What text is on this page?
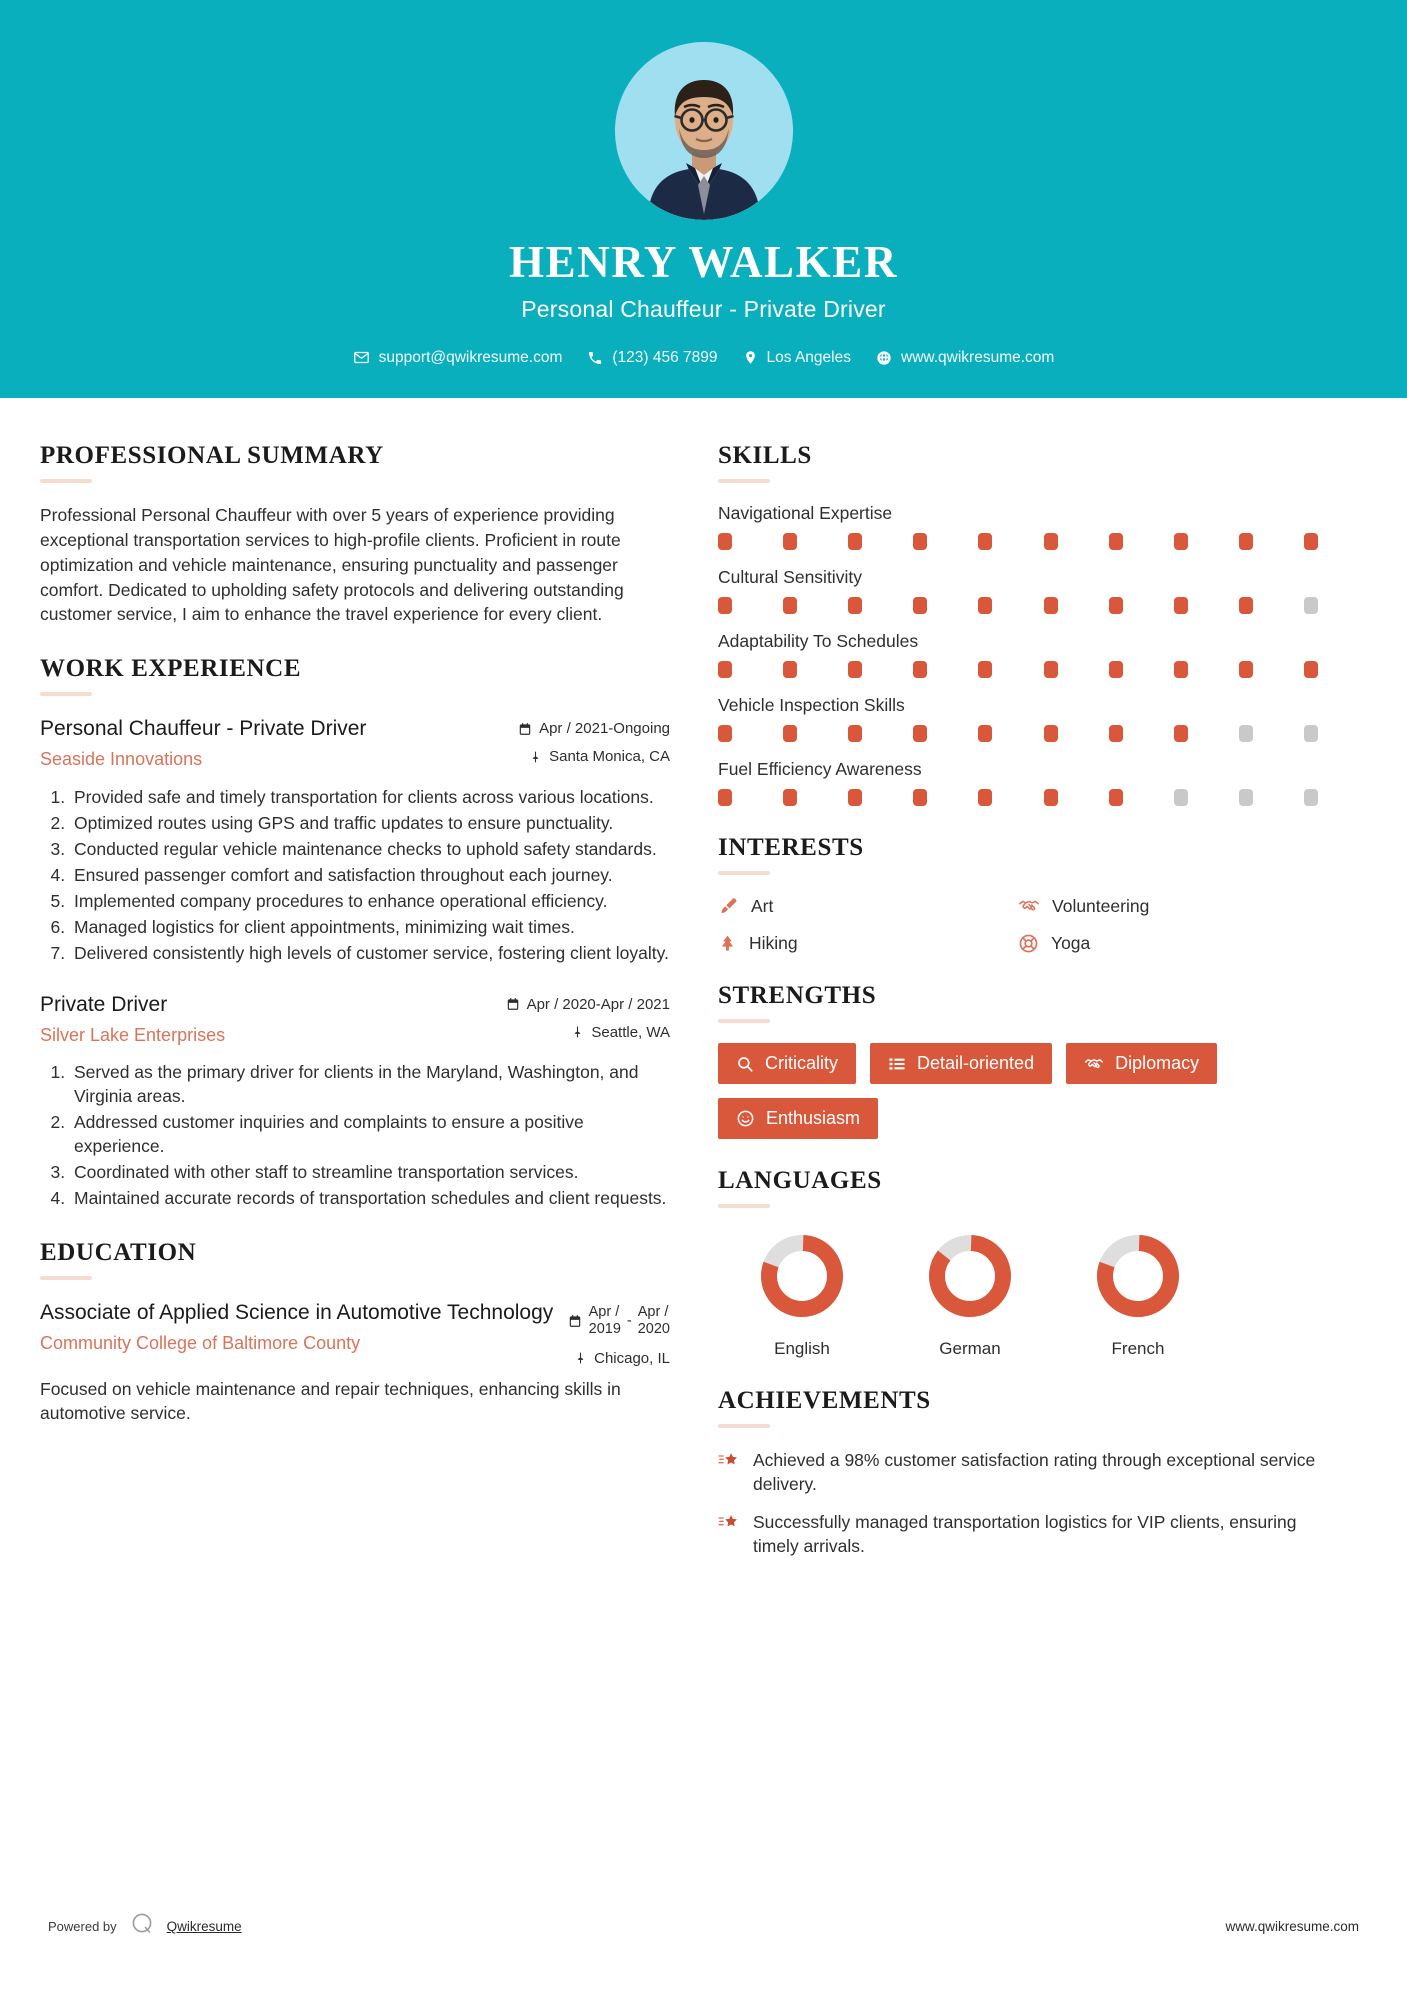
HENRY WALKER
Personal Chauffeur - Private Driver
support@qwikresume.com	(123) 456 7899	Los Angeles	www.qwikresume.com
PROFESSIONAL SUMMARY
Professional Personal Chauffeur with over 5 years of experience providing exceptional transportation services to high-profile clients. Proficient in route optimization and vehicle maintenance, ensuring punctuality and passenger comfort. Dedicated to upholding safety protocols and delivering outstanding customer service, I aim to enhance the travel experience for every client.
WORK EXPERIENCE
Personal Chauffeur - Private Driver
Seaside Innovations
Apr / 2021-Ongoing
Santa Monica, CA
1. Provided safe and timely transportation for clients across various locations.
2. Optimized routes using GPS and traffic updates to ensure punctuality.
3. Conducted regular vehicle maintenance checks to uphold safety standards.
4. Ensured passenger comfort and satisfaction throughout each journey.
5. Implemented company procedures to enhance operational efficiency.
6. Managed logistics for client appointments, minimizing wait times.
7. Delivered consistently high levels of customer service, fostering client loyalty.
Private Driver
Silver Lake Enterprises
Apr / 2020-Apr / 2021
Seattle, WA
1. Served as the primary driver for clients in the Maryland, Washington, and Virginia areas.
2. Addressed customer inquiries and complaints to ensure a positive experience.
3. Coordinated with other staff to streamline transportation services.
4. Maintained accurate records of transportation schedules and client requests.
EDUCATION
Associate of Applied Science in Automotive Technology
Community College of Baltimore County
Apr /
2019 -
Apr /
2020
Chicago, IL
Focused on vehicle maintenance and repair techniques, enhancing skills in automotive service.
SKILLS
Navigational Expertise
Cultural Sensitivity
Adaptability To Schedules
Vehicle Inspection Skills
Fuel Efficiency Awareness
INTERESTS
Art	Volunteering
Hiking	Yoga
STRENGTHS
Criticality	Detail-oriented	Diplomacy
Enthusiasm
LANGUAGES
English	German	French
ACHIEVEMENTS
Achieved a 98% customer satisfaction rating through exceptional service delivery.
Successfully managed transportation logistics for VIP clients, ensuring timely arrivals.
Powered by	Qwikresume	www.qwikresume.com
